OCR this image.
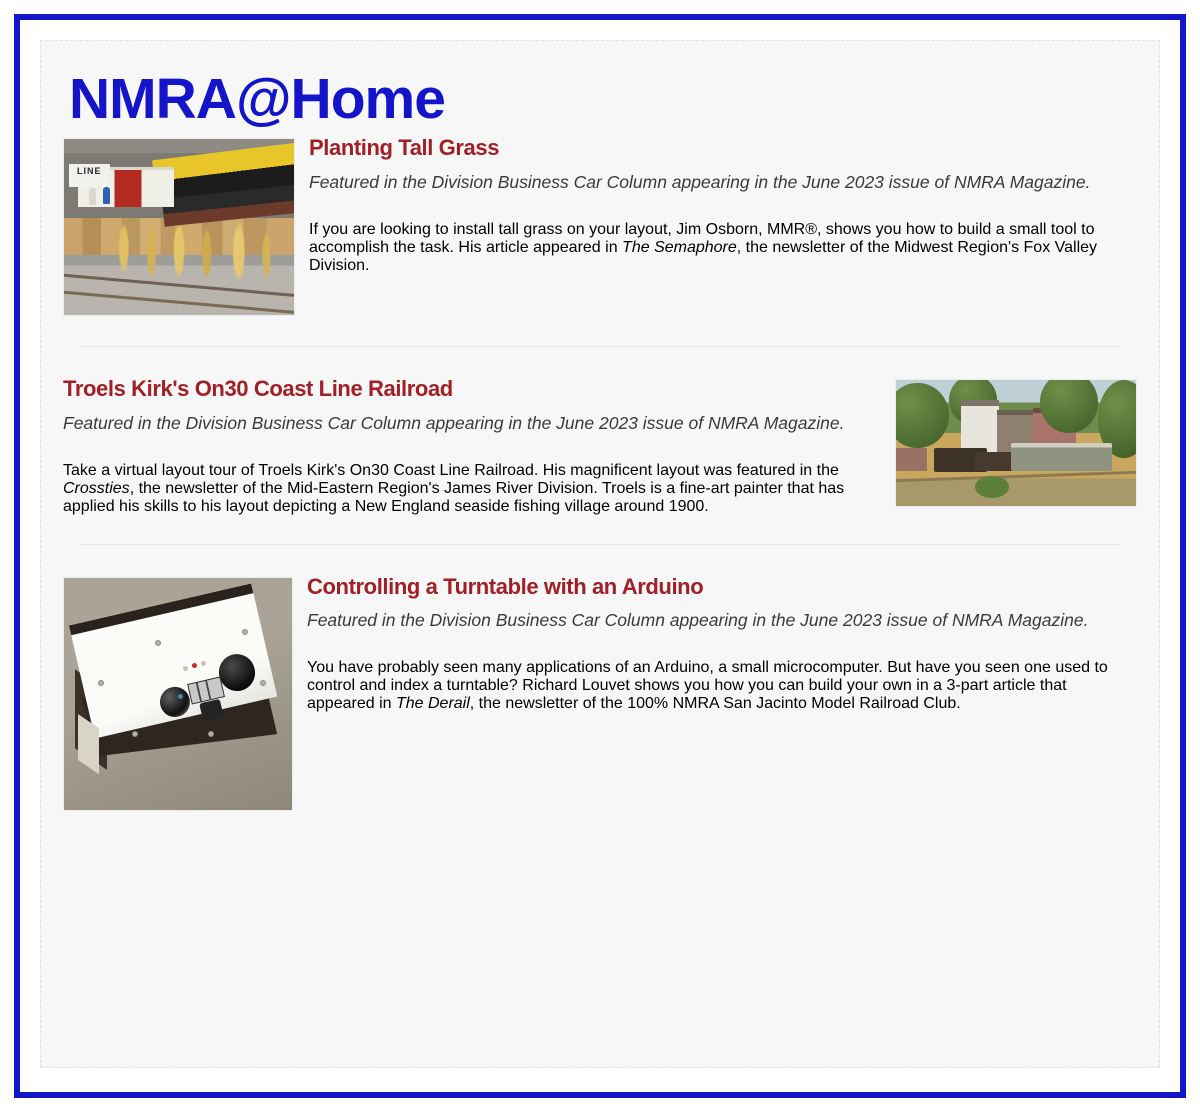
NMRA@Home
LINE
Planting Tall Grass

Featured in the Division Business Car Column appearing in the June 2023 issue of NMRA Magazine.

If you are looking to install tall grass on your layout, Jim Osborn, MMR®, shows you how to build a small tool to accomplish the task. His article appeared in The Semaphore, the newsletter of the Midwest Region's Fox Valley Division.

Troels Kirk's On30 Coast Line Railroad

Featured in the Division Business Car Column appearing in the June 2023 issue of NMRA Magazine.

Take a virtual layout tour of Troels Kirk's On30 Coast Line Railroad. His magnificent layout was featured in the Crossties, the newsletter of the Mid-Eastern Region's James River Division. Troels is a fine-art painter that has applied his skills to his layout depicting a New England seaside fishing village around 1900.

Controlling a Turntable with an Arduino

Featured in the Division Business Car Column appearing in the June 2023 issue of NMRA Magazine.

You have probably seen many applications of an Arduino, a small microcomputer. But have you seen one used to control and index a turntable? Richard Louvet shows you how you can build your own in a 3-part article that appeared in The Derail, the newsletter of the 100% NMRA San Jacinto Model Railroad Club.
